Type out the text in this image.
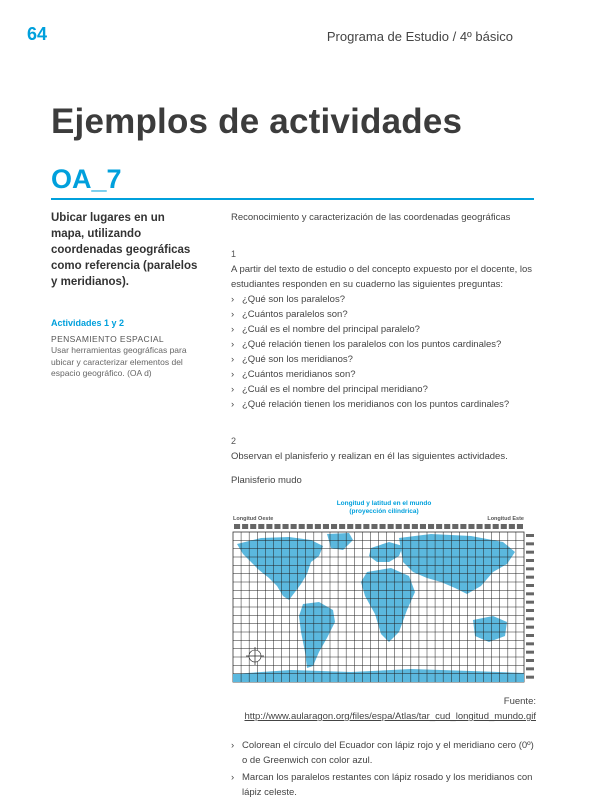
64	Programa de Estudio / 4º básico
Ejemplos de actividades
OA_7

Ubicar lugares en un mapa, utilizando coordenadas geográficas como referencia (paralelos y meridianos).

Actividades 1 y 2

PENSAMIENTO ESPACIAL

Usar herramientas geográficas para ubicar y caracterizar elementos del espacio geográfico. (OA d)

Reconocimiento y caracterización de las coordenadas geográficas

1

A partir del texto de estudio o del concepto expuesto por el docente, los estudiantes responden en su cuaderno las siguientes preguntas:

› ¿Qué son los paralelos?
› ¿Cuántos paralelos son?
› ¿Cuál es el nombre del principal paralelo?
› ¿Qué relación tienen los paralelos con los puntos cardinales?
› ¿Qué son los meridianos?
› ¿Cuántos meridianos son?
› ¿Cuál es el nombre del principal meridiano?
› ¿Qué relación tienen los meridianos con los puntos cardinales?

2

Observan el planisferio y realizan en él las siguientes actividades.

Planisferio mudo

Longitud y latitud en el mundo
(proyección cilíndrica)
Longitud Oeste	Longitud Este

Fuente: http://www.aularagon.org/files/espa/Atlas/tar_cud_longitud_mundo.gif

› Colorean el círculo del Ecuador con lápiz rojo y el meridiano cero (0º) o de Greenwich con color azul.
› Marcan los paralelos restantes con lápiz rosado y los meridianos con lápiz celeste.
